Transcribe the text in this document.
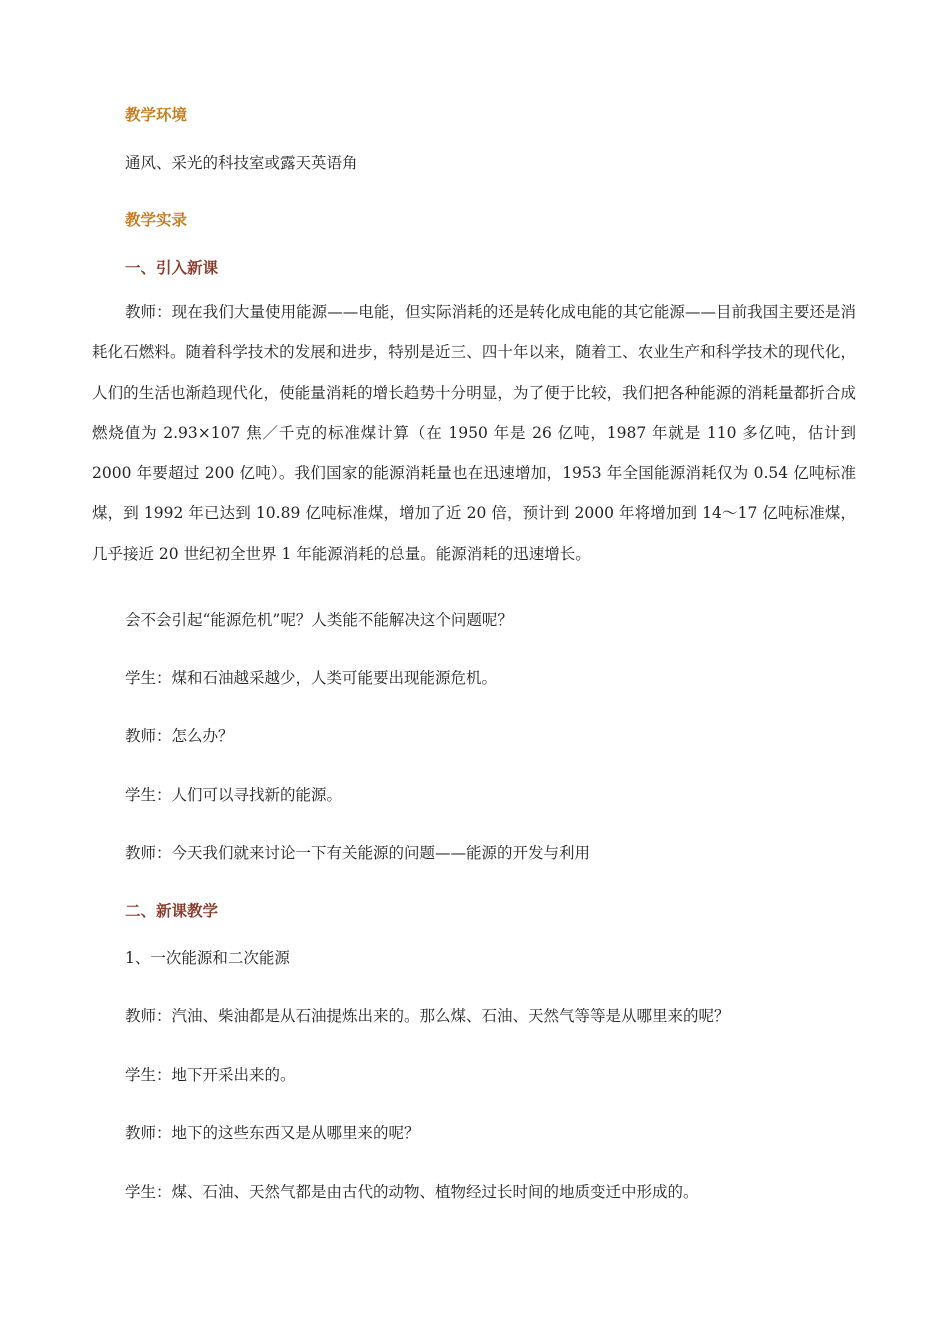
教学环境

通风、采光的科技室或露天英语角

教学实录

一、引入新课

教师：现在我们大量使用能源——电能，但实际消耗的还是转化成电能的其它能源——目前我国主要还是消耗化石燃料。随着科学技术的发展和进步，特别是近三、四十年以来，随着工、农业生产和科学技术的现代化，人们的生活也渐趋现代化，使能量消耗的增长趋势十分明显，为了便于比较，我们把各种能源的消耗量都折合成燃烧值为 2.93×107 焦／千克的标准煤计算（在 1950 年是 26 亿吨，1987 年就是 110 多亿吨，估计到 2000 年要超过 200 亿吨）。我们国家的能源消耗量也在迅速增加，1953 年全国能源消耗仅为 0.54 亿吨标准煤，到 1992 年已达到 10.89 亿吨标准煤，增加了近 20 倍，预计到 2000 年将增加到 14～17 亿吨标准煤，几乎接近 20 世纪初全世界 1 年能源消耗的总量。能源消耗的迅速增长。

会不会引起“能源危机”呢？人类能不能解决这个问题呢？

学生：煤和石油越采越少，人类可能要出现能源危机。

教师：怎么办？

学生：人们可以寻找新的能源。

教师：今天我们就来讨论一下有关能源的问题——能源的开发与利用

二、新课教学

1、一次能源和二次能源

教师：汽油、柴油都是从石油提炼出来的。那么煤、石油、天然气等等是从哪里来的呢？

学生：地下开采出来的。

教师：地下的这些东西又是从哪里来的呢？

学生：煤、石油、天然气都是由古代的动物、植物经过长时间的地质变迁中形成的。
